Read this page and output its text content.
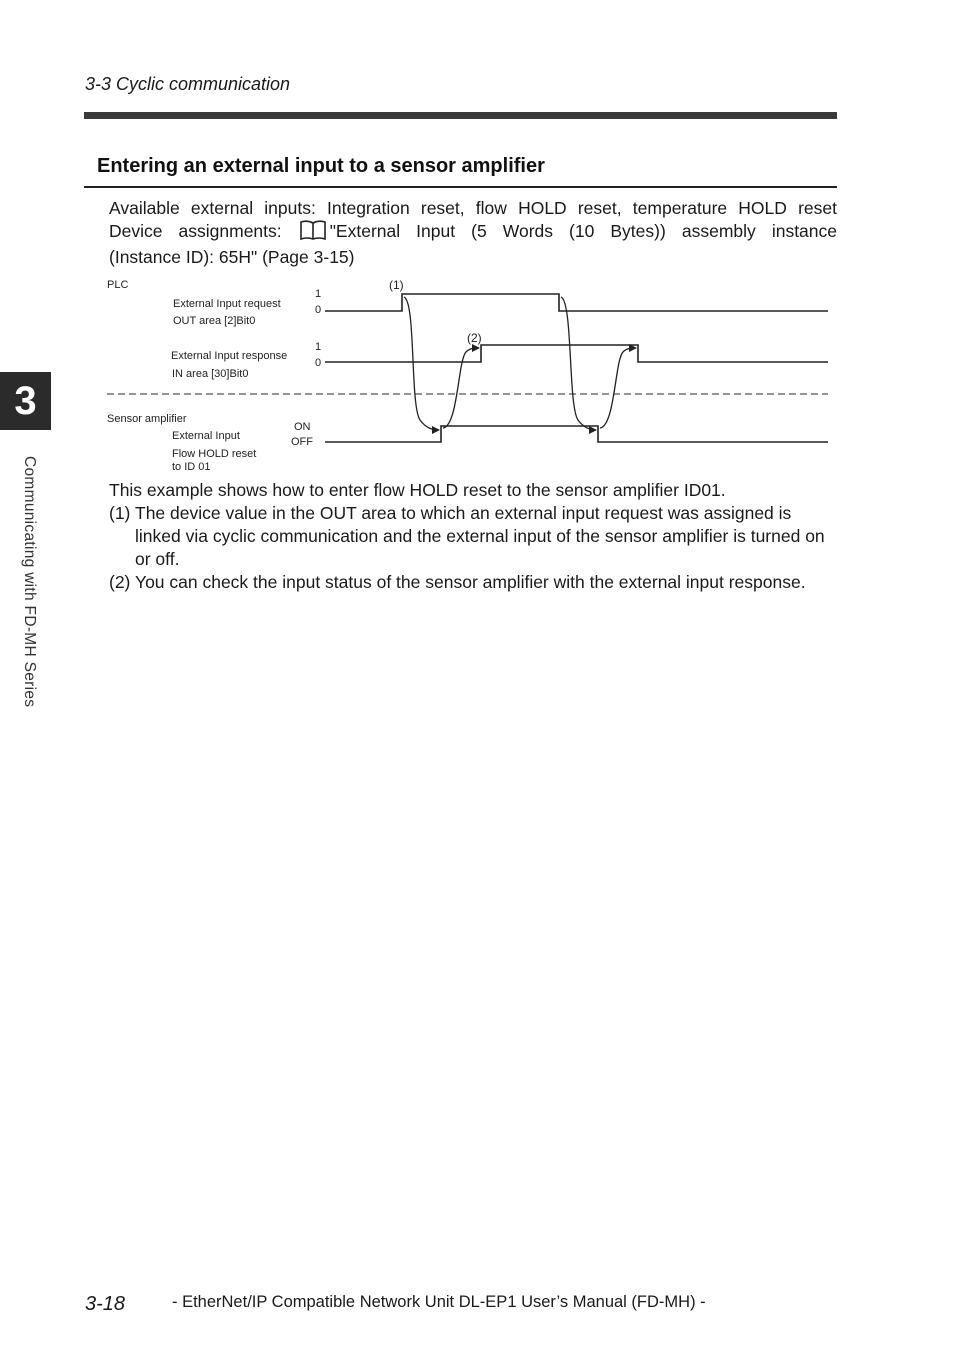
3-3 Cyclic communication
Entering an external input to a sensor amplifier
Available external inputs: Integration reset, flow HOLD reset, temperature HOLD reset
Device assignments:	"External Input (5 Words (10 Bytes)) assembly instance
(Instance ID): 65H" (Page 3-15)
PLC
External Input request
OUT area [2]Bit0
1
0
(1)
External Input response
IN area [30]Bit0
1
0
(2)
Sensor amplifier
External Input
ON
OFF
Flow HOLD reset
to ID 01
This example shows how to enter flow HOLD reset to the sensor amplifier ID01.
(1) The device value in the OUT area to which an external input request was assigned is linked via cyclic communication and the external input of the sensor amplifier is turned on or off.
(2) You can check the input status of the sensor amplifier with the external input response.
3
Communicating with FD-MH Series
3-18	- EtherNet/IP Compatible Network Unit DL-EP1 User’s Manual (FD-MH) -
